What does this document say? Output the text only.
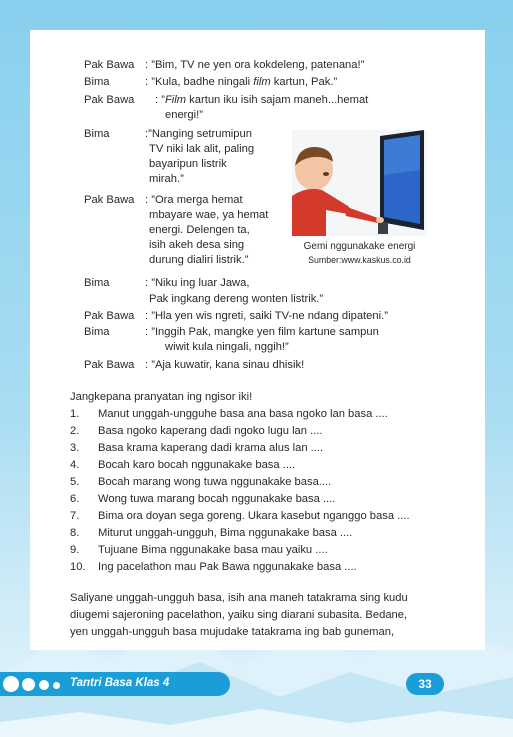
Pak Bawa : ”Bim, TV ne yen ora kokdeleng, patenana!”
Bima	: ”Kula, badhe ningali film kartun, Pak.”
Pak Bawa : ”Film kartun iku isih sajam maneh...hemat
energi!”
Bima	:”Nanging setrumipun
TV niki lak alit, paling
bayaripun listrik
mirah.”
Pak Bawa : ”Ora merga hemat
mbayare wae, ya hemat
energi. Delengen ta,
isih akeh desa sing
durung dialiri listrik.”
Bima	: ”Niku ing luar Jawa,
Pak ingkang dereng wonten listrik.”
Pak Bawa : ”Hla yen wis ngreti, saiki TV-ne ndang dipateni.”
Bima	: ”Inggih Pak, mangke yen film kartune sampun
wiwit kula ningali, nggih!”
Pak Bawa : ”Aja kuwatir, kana sinau dhisik!
Gemi nggunakake energi
Sumber:www.kaskus.co.id
Jangkepana pranyatan ing ngisor iki!
1. Manut unggah-ungguhe basa ana basa ngoko lan basa ....
2. Basa ngoko kaperang dadi ngoko lugu lan ....
3. Basa krama kaperang dadi krama alus lan ....
4. Bocah karo bocah nggunakake basa ....
5. Bocah marang wong tuwa nggunakake basa....
6. Wong tuwa marang bocah nggunakake basa ....
7. Bima ora doyan sega goreng. Ukara kasebut nganggo basa ....
8. Miturut unggah-ungguh, Bima nggunakake basa ....
9. Tujuane Bima nggunakake basa mau yaiku ....
10. Ing pacelathon mau Pak Bawa nggunakake basa ....
Saliyane unggah-ungguh basa, isih ana maneh tatakrama sing kudu
diugemi sajeroning pacelathon, yaiku sing diarani subasita. Bedane,
yen unggah-ungguh basa mujudake tatakrama ing bab guneman,
Tantri Basa Klas 4	33
